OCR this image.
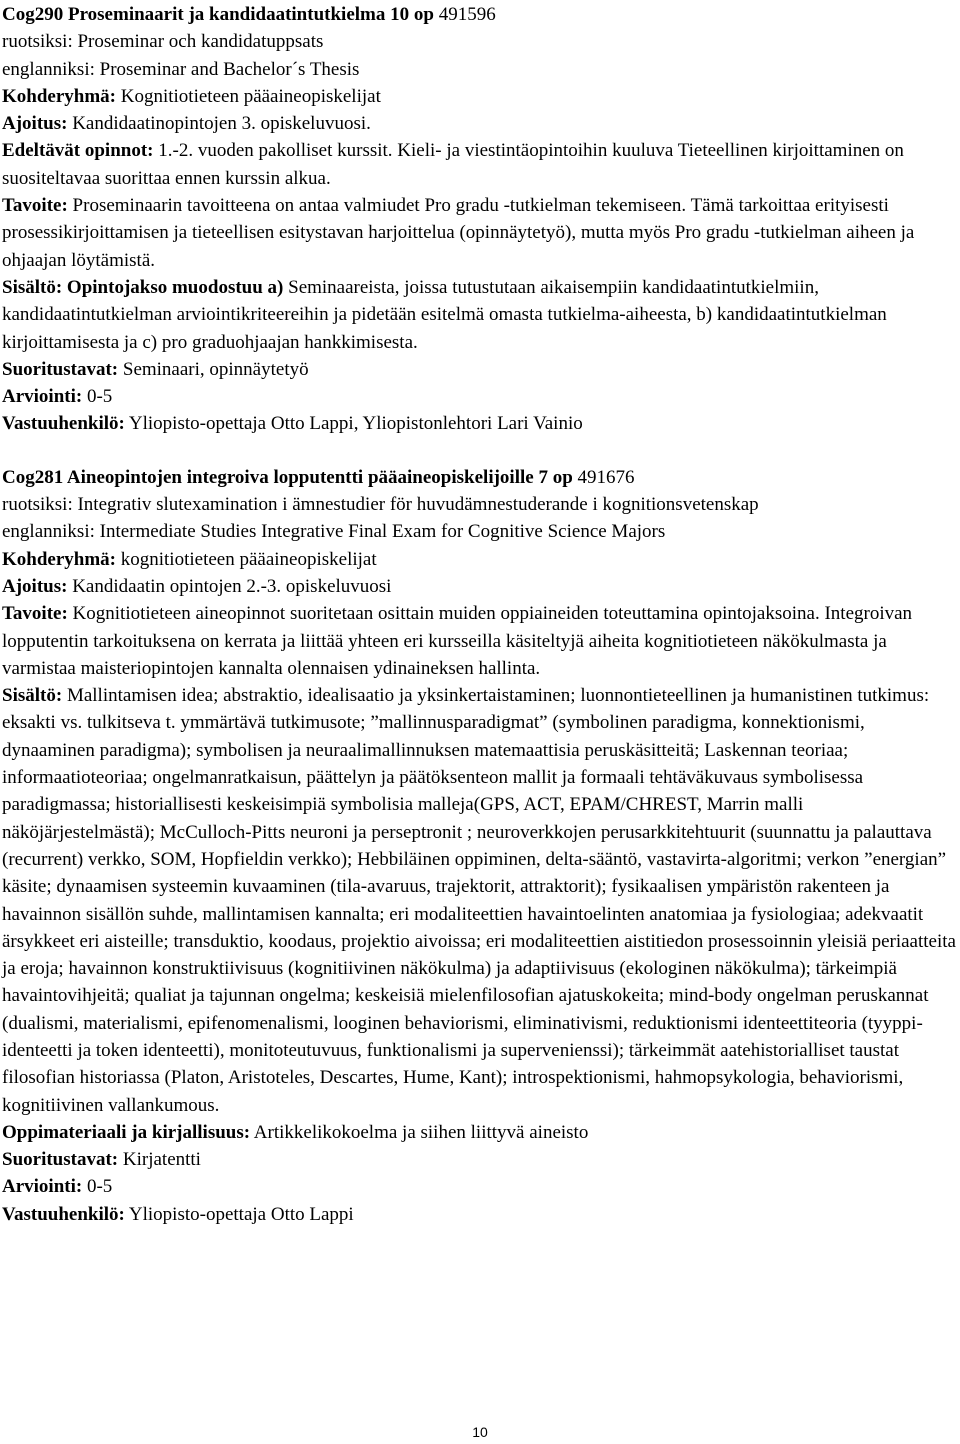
Cog290 Proseminaarit ja kandidaatintutkielma 10 op 491596

ruotsiksi: Proseminar och kandidatuppsats

englanniksi: Proseminar and Bachelor´s Thesis

Kohderyhmä: Kognitiotieteen pääaineopiskelijat

Ajoitus: Kandidaatinopintojen 3. opiskeluvuosi.

Edeltävät opinnot: 1.-2. vuoden pakolliset kurssit. Kieli- ja viestintäopintoihin kuuluva Tieteellinen kirjoittaminen on suositeltavaa suorittaa ennen kurssin alkua.

Tavoite: Proseminaarin tavoitteena on antaa valmiudet Pro gradu -tutkielman tekemiseen. Tämä tarkoittaa erityisesti prosessikirjoittamisen ja tieteellisen esitystavan harjoittelua (opinnäytetyö), mutta myös Pro gradu -tutkielman aiheen ja ohjaajan löytämistä.

Sisältö: Opintojakso muodostuu a) Seminaareista, joissa tutustutaan aikaisempiin kandidaatintutkielmiin, kandidaatintutkielman arviointikriteereihin ja pidetään esitelmä omasta tutkielma-aiheesta, b) kandidaatintutkielman kirjoittamisesta ja c) pro graduohjaajan hankkimisesta.

Suoritustavat: Seminaari, opinnäytetyö

Arviointi: 0-5

Vastuuhenkilö: Yliopisto-opettaja Otto Lappi, Yliopistonlehtori Lari Vainio

Cog281 Aineopintojen integroiva lopputentti pääaineopiskelijoille 7 op 491676

ruotsiksi: Integrativ slutexamination i ämnestudier för huvudämnestuderande i kognitionsvetenskap

englanniksi: Intermediate Studies Integrative Final Exam for Cognitive Science Majors

Kohderyhmä: kognitiotieteen pääaineopiskelijat

Ajoitus: Kandidaatin opintojen 2.-3. opiskeluvuosi

Tavoite: Kognitiotieteen aineopinnot suoritetaan osittain muiden oppiaineiden toteuttamina opintojaksoina. Integroivan lopputentin tarkoituksena on kerrata ja liittää yhteen eri kursseilla käsiteltyjä aiheita kognitiotieteen näkökulmasta ja varmistaa maisteriopintojen kannalta olennaisen ydinaineksen hallinta.

Sisältö: Mallintamisen idea; abstraktio, idealisaatio ja yksinkertaistaminen; luonnontieteellinen ja humanistinen tutkimus: eksakti vs. tulkitseva t. ymmärtävä tutkimusote; ”mallinnusparadigmat” (symbolinen paradigma, konnektionismi, dynaaminen paradigma); symbolisen ja neuraalimallinnuksen matemaattisia peruskäsitteitä; Laskennan teoriaa; informaatioteoriaa; ongelmanratkaisun, päättelyn ja päätöksenteon mallit ja formaali tehtäväkuvaus symbolisessa paradigmassa; historiallisesti keskeisimpiä symbolisia malleja(GPS, ACT, EPAM/CHREST, Marrin malli näköjärjestelmästä); McCulloch-Pitts neuroni ja perseptronit ; neuroverkkojen perusarkkitehtuurit (suunnattu ja palauttava (recurrent) verkko, SOM, Hopfieldin verkko); Hebbiläinen oppiminen, delta-sääntö, vastavirta-algoritmi; verkon ”energian” käsite; dynaamisen systeemin kuvaaminen (tila-avaruus, trajektorit, attraktorit); fysikaalisen ympäristön rakenteen ja havainnon sisällön suhde, mallintamisen kannalta; eri modaliteettien havaintoelinten anatomiaa ja fysiologiaa; adekvaatit ärsykkeet eri aisteille; transduktio, koodaus, projektio aivoissa; eri modaliteettien aistitiedon prosessoinnin yleisiä periaatteita ja eroja; havainnon konstruktiivisuus (kognitiivinen näkökulma) ja adaptiivisuus (ekologinen näkökulma); tärkeimpiä havaintovihjeitä; qualiat ja tajunnan ongelma; keskeisiä mielenfilosofian ajatuskokeita; mind-body ongelman peruskannat (dualismi, materialismi, epifenomenalismi, looginen behaviorismi, eliminativismi, reduktionismi identeettiteoria (tyyppi-identeetti ja token identeetti), monitoteutuvuus, funktionalismi ja supervenienssi); tärkeimmät aatehistorialliset taustat filosofian historiassa (Platon, Aristoteles, Descartes, Hume, Kant); introspektionismi, hahmopsykologia, behaviorismi, kognitiivinen vallankumous.

Oppimateriaali ja kirjallisuus: Artikkelikokoelma ja siihen liittyvä aineisto

Suoritustavat: Kirjatentti

Arviointi: 0-5

Vastuuhenkilö: Yliopisto-opettaja Otto Lappi

10
